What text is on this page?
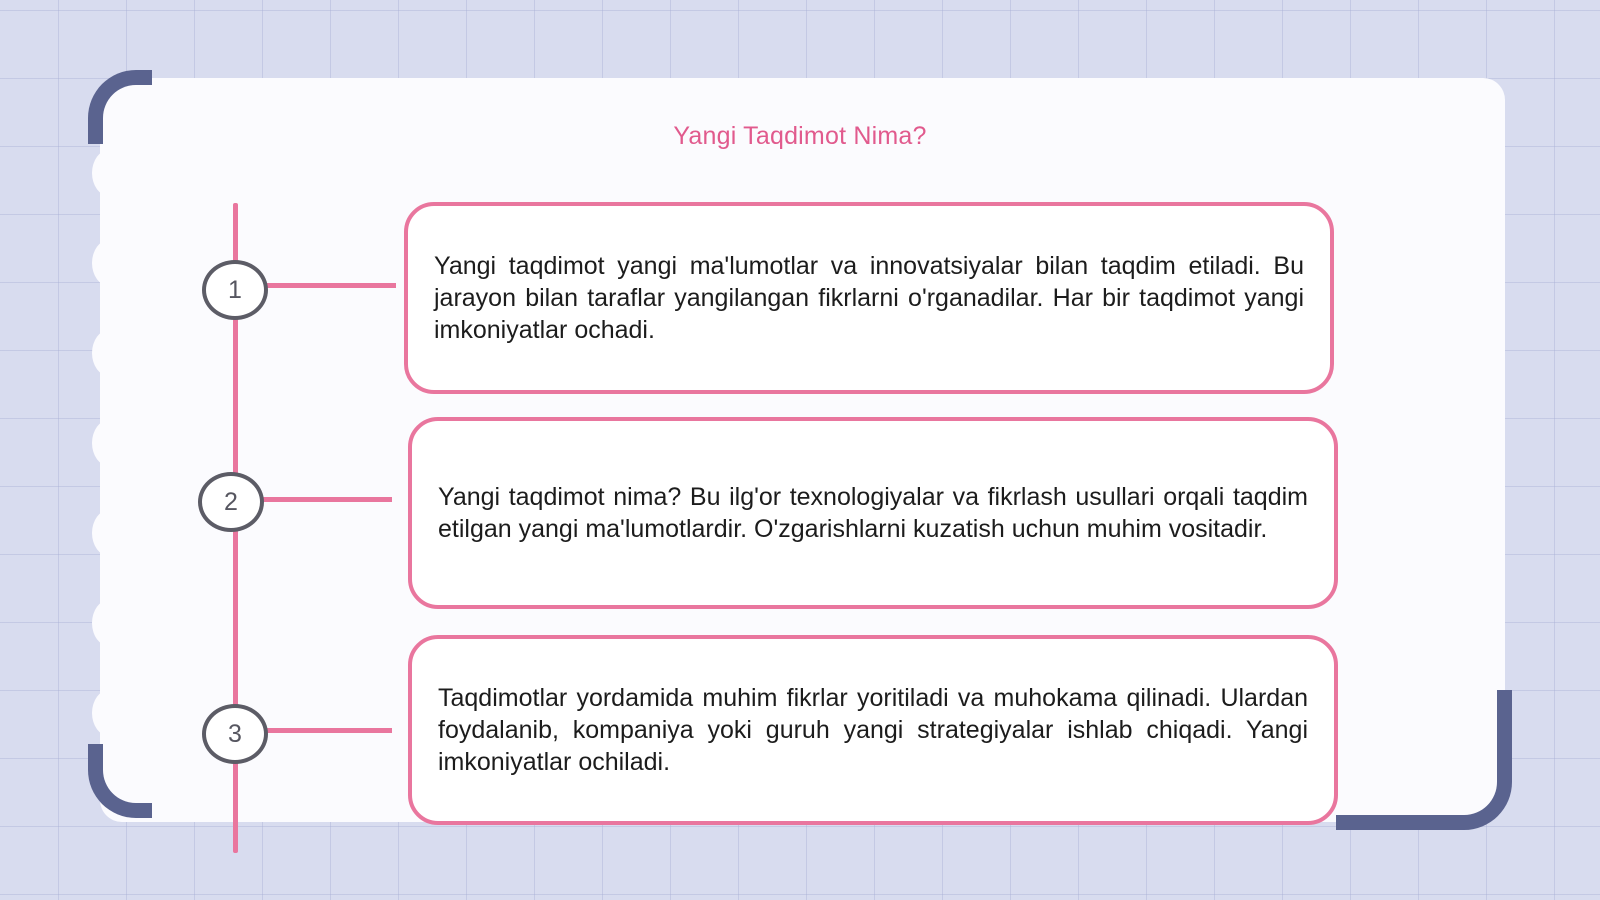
Yangi Taqdimot Nima?
1
2
3

Yangi taqdimot yangi ma'lumotlar va innovatsiyalar bilan taqdim etiladi. Bu jarayon bilan taraflar yangilangan fikrlarni o'rganadilar. Har bir taqdimot yangi imkoniyatlar ochadi.

Yangi taqdimot nima? Bu ilg'or texnologiyalar va fikrlash usullari orqali taqdim etilgan yangi ma'lumotlardir. O'zgarishlarni kuzatish uchun muhim vositadir.

Taqdimotlar yordamida muhim fikrlar yoritiladi va muhokama qilinadi. Ulardan foydalanib, kompaniya yoki guruh yangi strategiyalar ishlab chiqadi. Yangi imkoniyatlar ochiladi.
